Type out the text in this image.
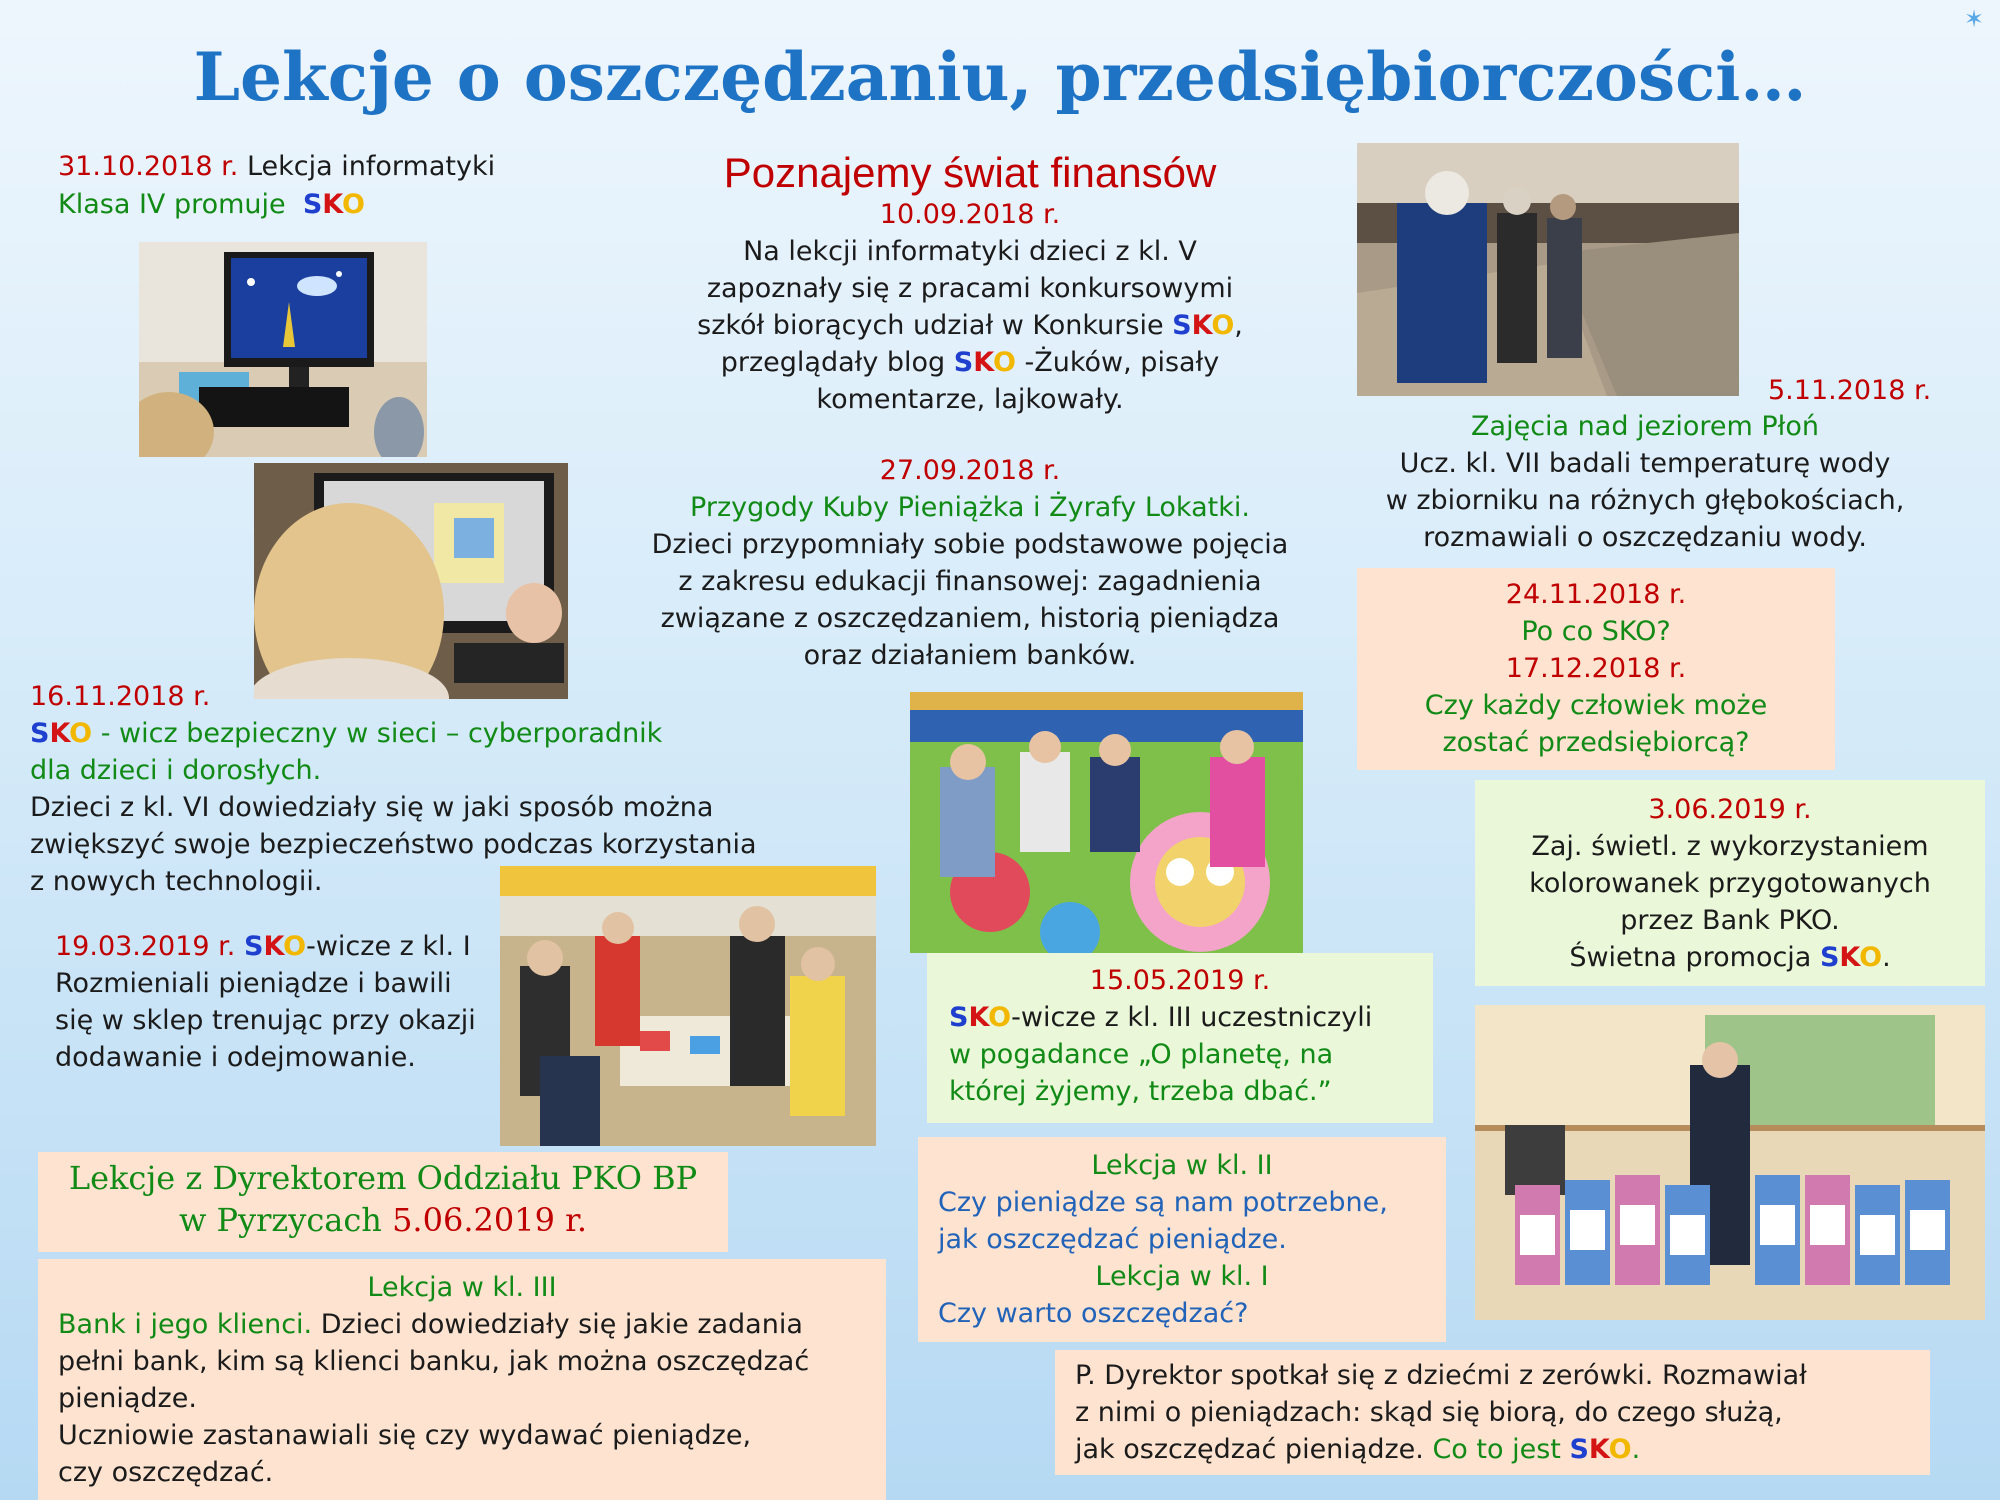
Lekcje o oszczędzaniu, przedsiębiorczości…
✶
31.10.2018 r. Lekcja informatyki
Klasa IV promuje SKO
Poznajemy świat finansów
10.09.2018 r.
Na lekcji informatyki dzieci z kl. V
zapoznały się z pracami konkursowymi
szkół biorących udział w Konkursie SKO,
przeglądały blog SKO -Żuków, pisały
komentarze, lajkowały.
27.09.2018 r.
Przygody Kuby Pieniążka i Żyrafy Lokatki.
Dzieci przypomniały sobie podstawowe pojęcia
z zakresu edukacji finansowej: zagadnienia
związane z oszczędzaniem, historią pieniądza
oraz działaniem banków.
5.11.2018 r.
Zajęcia nad jeziorem Płoń
Ucz. kl. VII badali temperaturę wody
w zbiorniku na różnych głębokościach,
rozmawiali o oszczędzaniu wody.
24.11.2018 r.
Po co SKO?
17.12.2018 r.
Czy każdy człowiek może
zostać przedsiębiorcą?
3.06.2019 r.
Zaj. świetl. z wykorzystaniem
kolorowanek przygotowanych
przez Bank PKO.
Świetna promocja SKO.
16.11.2018 r.
SKO - wicz bezpieczny w sieci – cyberporadnik
dla dzieci i dorosłych.
Dzieci z kl. VI dowiedziały się w jaki sposób można
zwiększyć swoje bezpieczeństwo podczas korzystania
z nowych technologii.
19.03.2019 r. SKO-wicze z kl. I
Rozmieniali pieniądze i bawili
się w sklep trenując przy okazji
dodawanie i odejmowanie.
15.05.2019 r.
SKO-wicze z kl. III uczestniczyli
w pogadance „O planetę, na
której żyjemy, trzeba dbać.”
Lekcje z Dyrektorem Oddziału PKO BP
w Pyrzycach 5.06.2019 r.
Lekcja w kl. III
Bank i jego klienci. Dzieci dowiedziały się jakie zadania
pełni bank, kim są klienci banku, jak można oszczędzać
pieniądze.
Uczniowie zastanawiali się czy wydawać pieniądze,
czy oszczędzać.
Lekcja w kl. II
Czy pieniądze są nam potrzebne,
jak oszczędzać pieniądze.
Lekcja w kl. I
Czy warto oszczędzać?
P. Dyrektor spotkał się z dziećmi z zerówki. Rozmawiał
z nimi o pieniądzach: skąd się biorą, do czego służą,
jak oszczędzać pieniądze. Co to jest SKO.
